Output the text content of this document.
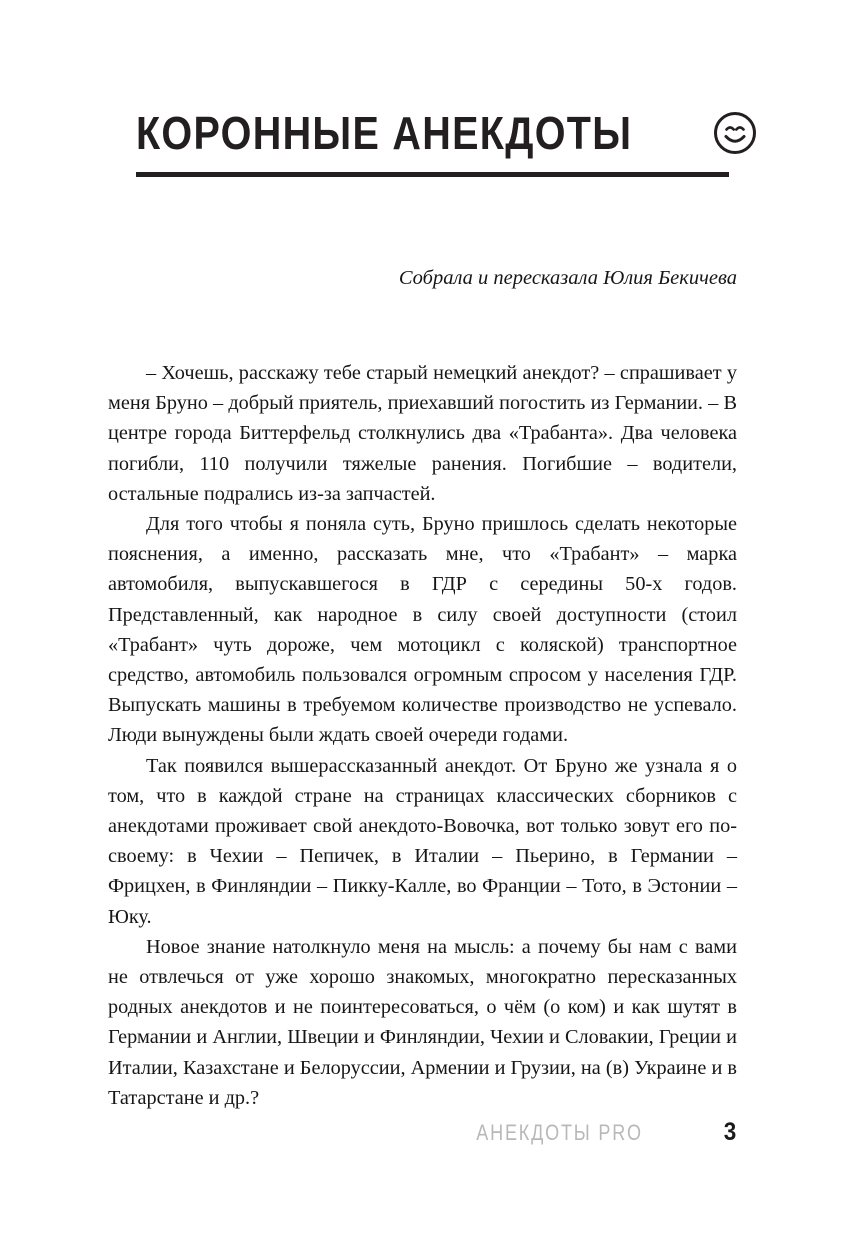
КОРОННЫЕ АНЕКДОТЫ
Собрала и пересказала Юлия Бекичева

– Хочешь, расскажу тебе старый немецкий анекдот? – спрашивает у меня Бруно – добрый приятель, приехавший погостить из Германии. – В центре города Биттерфельд столкнулись два «Трабанта». Два человека погибли, 110 получили тяжелые ранения. Погибшие – водители, остальные подрались из-за запчастей.

Для того чтобы я поняла суть, Бруно пришлось сделать некоторые пояснения, а именно, рассказать мне, что «Трабант» – марка автомобиля, выпускавшегося в ГДР с середины 50-х годов. Представленный, как народное в силу своей доступности (стоил «Трабант» чуть дороже, чем мотоцикл с коляской) транспортное средство, автомобиль пользовался огромным спросом у населения ГДР. Выпускать машины в требуемом количестве производство не успевало. Люди вынуждены были ждать своей очереди годами.

Так появился вышерассказанный анекдот. От Бруно же узнала я о том, что в каждой стране на страницах классических сборников с анекдотами проживает свой анекдото-Вовочка, вот только зовут его по-своему: в Чехии – Пепичек, в Италии – Пьерино, в Германии – Фрицхен, в Финляндии – Пикку-Калле, во Франции – Тото, в Эстонии – Юку.

Новое знание натолкнуло меня на мысль: а почему бы нам с вами не отвлечься от уже хорошо знакомых, многократно пересказанных родных анекдотов и не поинтересоваться, о чём (о ком) и как шутят в Германии и Англии, Швеции и Финляндии, Чехии и Словакии, Греции и Италии, Казахстане и Белоруссии, Армении и Грузии, на (в) Украине и в Татарстане и др.?

АНЕКДОТЫ PRO	3
